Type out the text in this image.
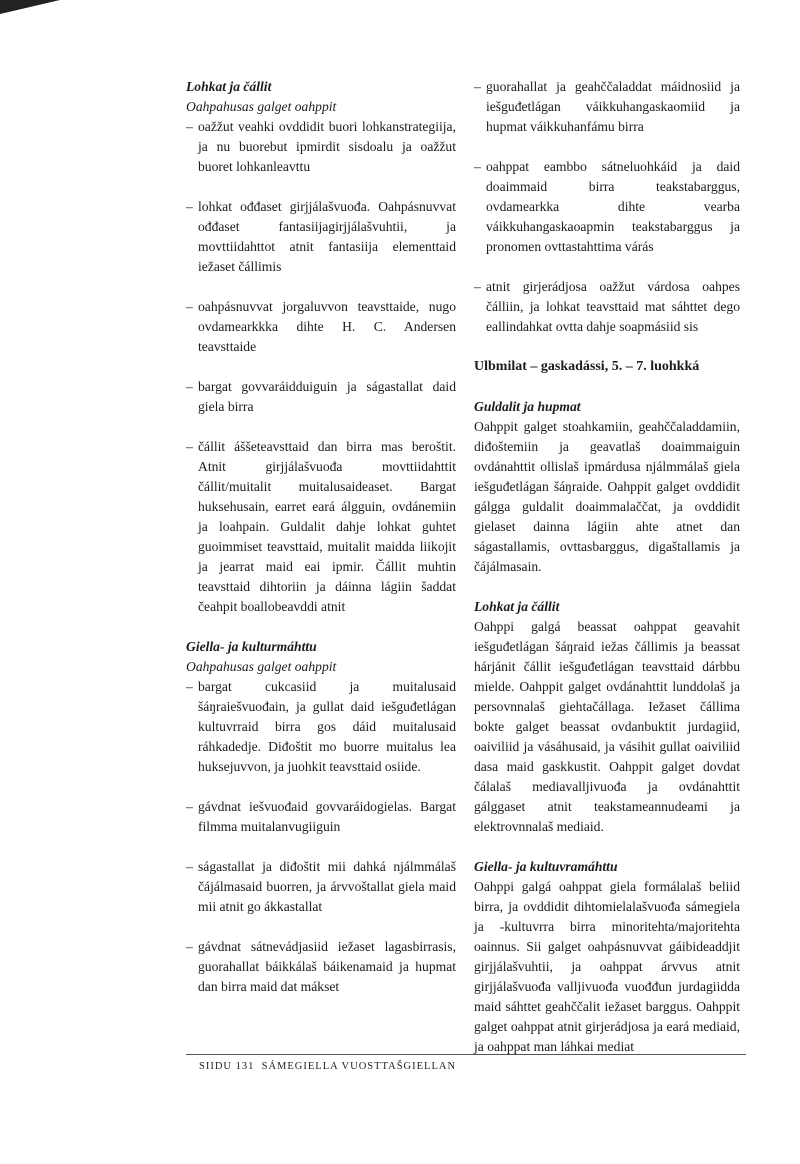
Lohkat ja čállit
Oahpahusas galget oahppit
– oažžut veahki ovddidit buori lohkanstrategiija, ja nu buorebut ipmirdit sisdoalu ja oažžut buoret lohkanleavttu
– lohkat ođđaset girjjálašvuođa. Oahpásnuvvat ođđaset fantasiijagirjjálašvuhtii, ja movttiidahttot atnit fantasiija elementtaid iežaset čállimis
– oahpásnuvvat jorgaluvvon teavsttaide, nugo ovdamearkkka dihte H. C. Andersen teavsttaide
– bargat govvaráidduiguin ja ságastallat daid giela birra
– čállit áššeteavsttaid dan birra mas beroštit. Atnit girjjálašvuođa movttiidahttit čállit/muitalit muitalusaideaset. Bargat huksehusain, earret eará álgguin, ovdánemiin ja loahpain. Guldalit dahje lohkat guhtet guoimmiset teavsttaid, muitalit maidda liikojit ja jearrat maid eai ipmir. Čállit muhtin teavsttaid dihtoriin ja dáinna lágiin šaddat čeahpit boallobeavddi atnit
Giella- ja kulturmáhttu
Oahpahusas galget oahppit
– bargat cukcasiid ja muitalusaid šáŋraiešvuođain, ja gullat daid iešguđetlágan kultuvrraid birra gos dáid muitalusaid ráhkadedje. Diđoštit mo buorre muitalus lea huksejuvvon, ja juohkit teavsttaid osiide.
– gávdnat iešvuođaid govvaráidogielas. Bargat filmma muitalanvugiiguin
– ságastallat ja diđoštit mii dahká njálmmálaš čájálmasaid buorren, ja árvvoštallat giela maid mii atnit go ákkastallat
– gávdnat sátnevádjasiid iežaset lagasbirrasis, guorahallat báikkálaš báikenamaid ja hupmat dan birra maid dat mákset
– guorahallat ja geahččaladdat máidnosiid ja iešguđetlágan váikkuhangaskaomiid ja hupmat váikkuhanfámu birra
– oahppat eambbo sátneluohkáid ja daid doaimmaid birra teakstabarggus, ovdamearkka dihte vearba váikkuhangaskaoapmin teakstabarggus ja pronomen ovttastahttima várás
– atnit girjerádjosa oažžut várdosa oahpes čálliin, ja lohkat teavsttaid mat sáhttet dego eallindahkat ovtta dahje soapmásiid sis
Ulbmilat – gaskadássi, 5. – 7. luohkká
Guldalit ja hupmat
Oahppit galget stoahkamiin, geahččaladdamiin, diđoštemiin ja geavatlaš doaimmaiguin ovdánahttit ollislaš ipmárdusa njálmmálaš giela iešguđetlágan šáŋraide. Oahppit galget ovddidit gálgga guldalit doaimmalaččat, ja ovddidit gielaset dainna lágiin ahte atnet dan ságastallamis, ovttasbarggus, digaštallamis ja čájálmasain.
Lohkat ja čállit
Oahppi galgá beassat oahppat geavahit iešguđetlágan šáŋraid iežas čállimis ja beassat hárjánit čállit iešguđetlágan teavsttaid dárbbu mielde. Oahppit galget ovdánahttit lunddolaš ja persovnnalaš giehtačállaga. Iežaset čállima bokte galget beassat ovdanbuktit jurdagiid, oaiviliid ja vásáhusaid, ja vásihit gullat oaiviliid dasa maid gaskkustit. Oahppit galget dovdat čálalaš mediavalljivuođa ja ovdánahttit gálggaset atnit teakstameannudeami ja elektrovnnalaš mediaid.
Giella- ja kultuvramáhttu
Oahppi galgá oahppat giela formálalaš beliid birra, ja ovddidit dihtomielalašvuođa sámegiela ja -kultuvrra birra minoritehta/majoritehta oainnus. Sii galget oahpásnuvvat gáibideaddjit girjjálašvuhtii, ja oahppat árvvus atnit girjjálašvuođa valljivuođa vuođđun jurdagiidda maid sáhttet geahččalit iežaset barggus. Oahppit galget oahppat atnit girjerádjosa ja eará mediaid, ja oahppat man láhkai mediat
SIIDU 131 SÁMEGIELLA VUOSTTAŠGIELLAN
